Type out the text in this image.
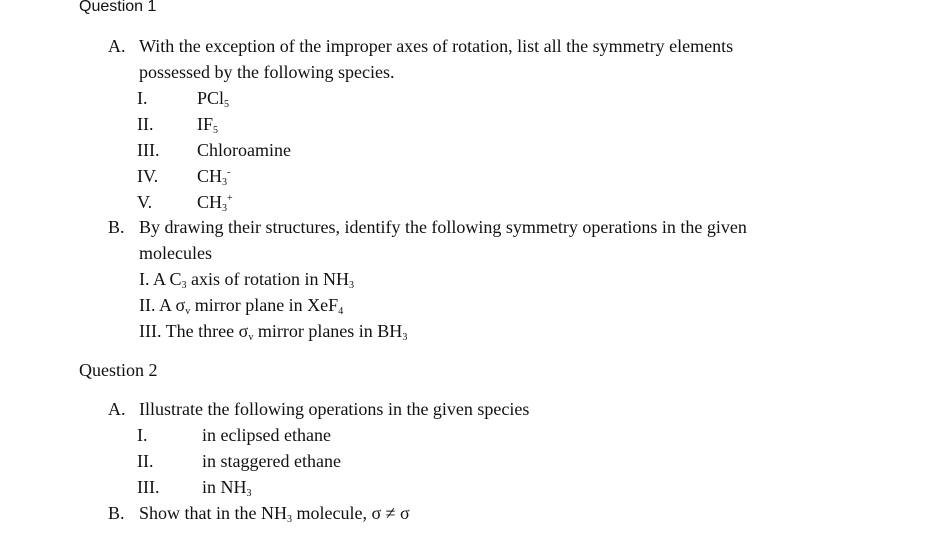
Question 1
A. With the exception of the improper axes of rotation, list all the symmetry elements
possessed by the following species.
I.	PCl$_5$
II. $IF_5$
III. Chloroamine
IV. $CH_3^-$
V. $CH_3^+$
B. By drawing their structures, identify the following symmetry operations in the given
molecules
I. A $C_3$ axis of rotation in $NH_3$
II. A $\sigma_v$ mirror plane in XeF$_4$
III. The three $\sigma_v$ mirror planes in $BH_3$
Question 2
A. Illustrate the following operations in the given species
I.	in eclipsed ethane
II.	in staggered ethane
III. in $NH_3$
B. Show that in the $NH_3$ molecule, σ ≠ σ
